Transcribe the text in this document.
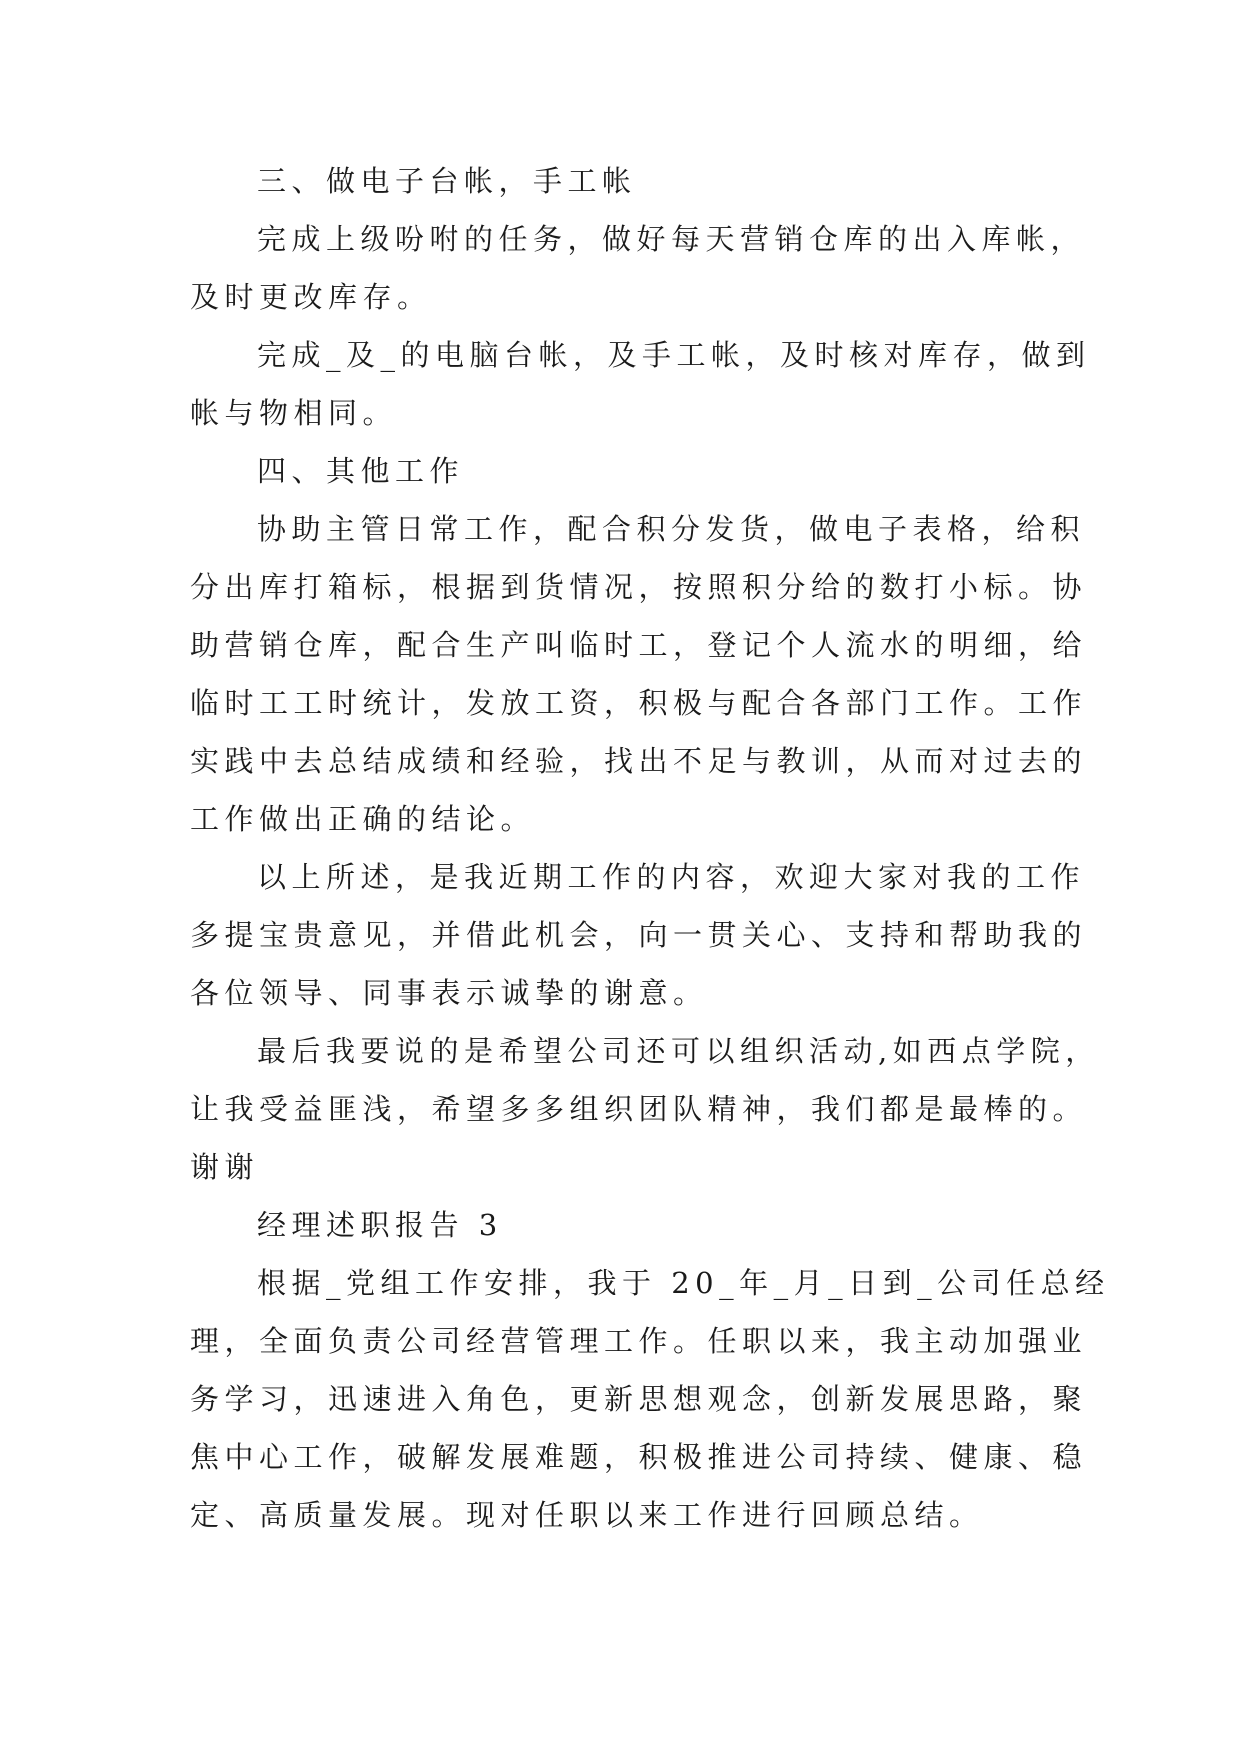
三、做电子台帐，手工帐
完成上级吩咐的任务，做好每天营销仓库的出入库帐，
及时更改库存。
完成_及_的电脑台帐，及手工帐，及时核对库存，做到
帐与物相同。
四、其他工作
协助主管日常工作，配合积分发货，做电子表格，给积
分出库打箱标，根据到货情况，按照积分给的数打小标。协
助营销仓库，配合生产叫临时工，登记个人流水的明细，给
临时工工时统计，发放工资，积极与配合各部门工作。工作
实践中去总结成绩和经验，找出不足与教训，从而对过去的
工作做出正确的结论。
以上所述，是我近期工作的内容，欢迎大家对我的工作
多提宝贵意见，并借此机会，向一贯关心、支持和帮助我的
各位领导、同事表示诚挚的谢意。
最后我要说的是希望公司还可以组织活动,如西点学院，
让我受益匪浅，希望多多组织团队精神，我们都是最棒的。
谢谢
经理述职报告 3
根据_党组工作安排，我于 20_年_月_日到_公司任总经
理，全面负责公司经营管理工作。任职以来，我主动加强业
务学习，迅速进入角色，更新思想观念，创新发展思路，聚
焦中心工作，破解发展难题，积极推进公司持续、健康、稳
定、高质量发展。现对任职以来工作进行回顾总结。
